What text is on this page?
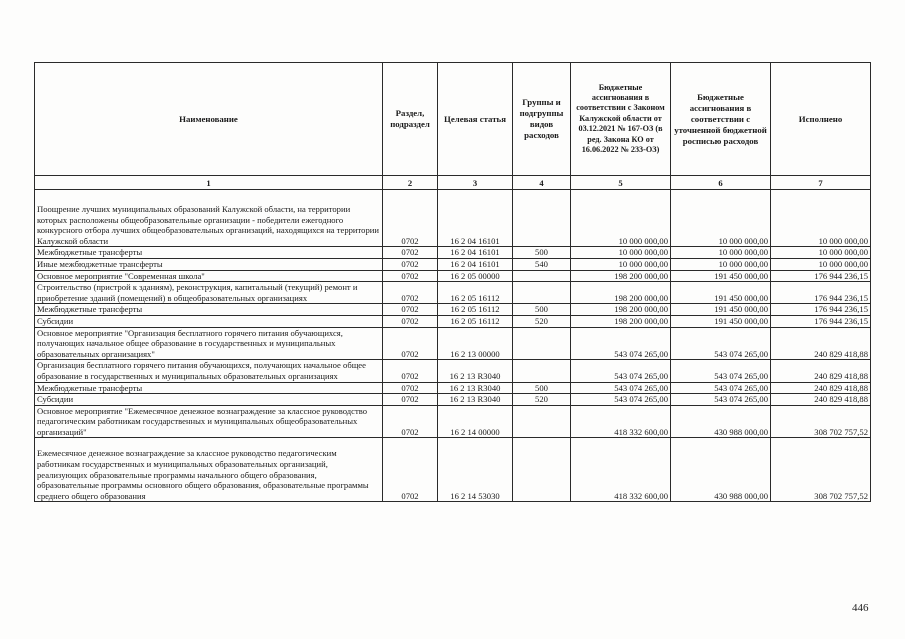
Наименование	Раздел, подраздел	Целевая статья	Группы и подгруппы видов расходов	Бюджетные ассигнования в соответствии с Законом Калужской области от 03.12.2021 № 167-ОЗ (в ред. Закона КО от 16.06.2022 № 233-ОЗ)	Бюджетные ассигнования в соответствии с уточненной бюджетной росписью расходов	Исполнено
1	2	3	4	5	6	7
Поощрение лучших муниципальных образований Калужской области, на территории которых расположены общеобразовательные организации - победители ежегодного конкурсного отбора лучших общеобразовательных организаций, находящихся на территории Калужской области	0702	16 2 04 16101		10 000 000,00	10 000 000,00	10 000 000,00
Межбюджетные трансферты	0702	16 2 04 16101	500	10 000 000,00	10 000 000,00	10 000 000,00
Иные межбюджетные трансферты	0702	16 2 04 16101	540	10 000 000,00	10 000 000,00	10 000 000,00
Основное мероприятие "Современная школа"	0702	16 2 05 00000		198 200 000,00	191 450 000,00	176 944 236,15
Строительство (пристрой к зданиям), реконструкция, капитальный (текущий) ремонт и приобретение зданий (помещений) в общеобразовательных организациях	0702	16 2 05 16112		198 200 000,00	191 450 000,00	176 944 236,15
Межбюджетные трансферты	0702	16 2 05 16112	500	198 200 000,00	191 450 000,00	176 944 236,15
Субсидии	0702	16 2 05 16112	520	198 200 000,00	191 450 000,00	176 944 236,15
Основное мероприятие "Организация бесплатного горячего питания обучающихся, получающих начальное общее образование в государственных и муниципальных образовательных организациях"	0702	16 2 13 00000		543 074 265,00	543 074 265,00	240 829 418,88
Организация бесплатного горячего питания обучающихся, получающих начальное общее образование в государственных и муниципальных образовательных организациях	0702	16 2 13 R3040		543 074 265,00	543 074 265,00	240 829 418,88
Межбюджетные трансферты	0702	16 2 13 R3040	500	543 074 265,00	543 074 265,00	240 829 418,88
Субсидии	0702	16 2 13 R3040	520	543 074 265,00	543 074 265,00	240 829 418,88
Основное мероприятие "Ежемесячное денежное вознаграждение за классное руководство педагогическим работникам государственных и муниципальных общеобразовательных организаций"	0702	16 2 14 00000		418 332 600,00	430 988 000,00	308 702 757,52
Ежемесячное денежное вознаграждение за классное руководство педагогическим работникам государственных и муниципальных образовательных организаций, реализующих образовательные программы начального общего образования, образовательные программы основного общего образования, образовательные программы среднего общего образования	0702	16 2 14 53030		418 332 600,00	430 988 000,00	308 702 757,52
446
